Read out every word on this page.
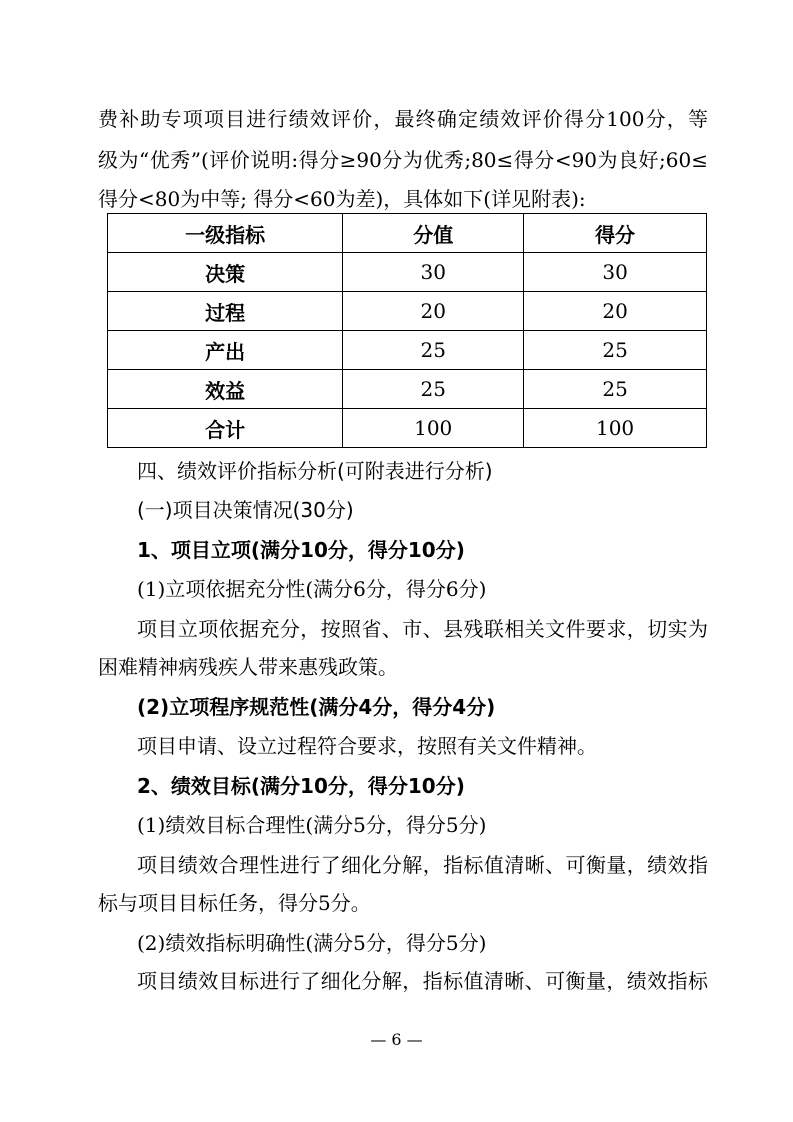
费补助专项项目进行绩效评价，最终确定绩效评价得分100分，等
级为“优秀”(评价说明:得分≥90分为优秀;80≤得分<90为良好;60≤
得分<80为中等; 得分<60为差)，具体如下(详见附表):
一级指标	分值	得分
决策	30	30
过程	20	20
产出	25	25
效益	25	25
合计	100	100
四、绩效评价指标分析(可附表进行分析)
(一)项目决策情况(30分)
1、项目立项(满分10分，得分10分)
(1)立项依据充分性(满分6分，得分6分)
项目立项依据充分，按照省、市、县残联相关文件要求，切实为
困难精神病残疾人带来惠残政策。
(2)立项程序规范性(满分4分，得分4分)
项目申请、设立过程符合要求，按照有关文件精神。
2、绩效目标(满分10分，得分10分)
(1)绩效目标合理性(满分5分，得分5分)
项目绩效合理性进行了细化分解，指标值清晰、可衡量，绩效指
标与项目目标任务，得分5分。
(2)绩效指标明确性(满分5分，得分5分)
项目绩效目标进行了细化分解，指标值清晰、可衡量，绩效指标
— 6 —
